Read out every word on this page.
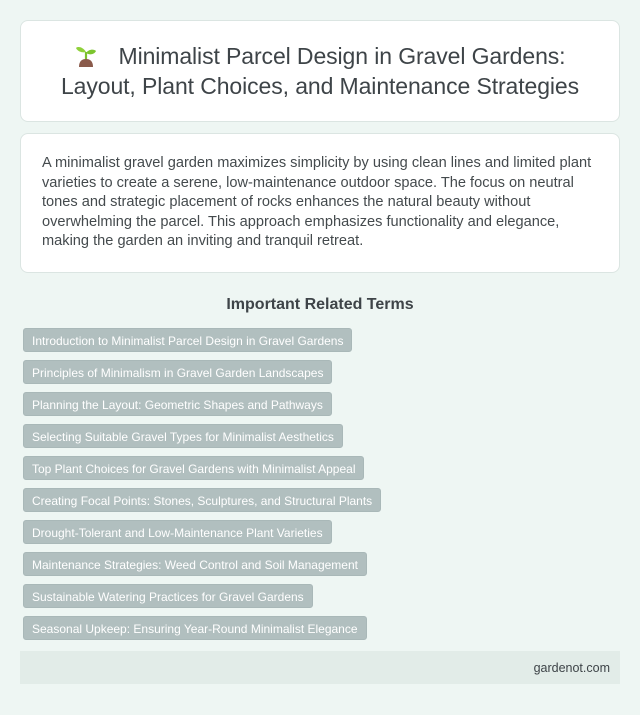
Minimalist Parcel Design in Gravel Gardens: Layout, Plant Choices, and Maintenance Strategies

A minimalist gravel garden maximizes simplicity by using clean lines and limited plant varieties to create a serene, low-maintenance outdoor space. The focus on neutral tones and strategic placement of rocks enhances the natural beauty without overwhelming the parcel. This approach emphasizes functionality and elegance, making the garden an inviting and tranquil retreat.

Important Related Terms
Introduction to Minimalist Parcel Design in Gravel Gardens
Principles of Minimalism in Gravel Garden Landscapes
Planning the Layout: Geometric Shapes and Pathways
Selecting Suitable Gravel Types for Minimalist Aesthetics
Top Plant Choices for Gravel Gardens with Minimalist Appeal
Creating Focal Points: Stones, Sculptures, and Structural Plants
Drought-Tolerant and Low-Maintenance Plant Varieties
Maintenance Strategies: Weed Control and Soil Management
Sustainable Watering Practices for Gravel Gardens
Seasonal Upkeep: Ensuring Year-Round Minimalist Elegance
gardenot.com
